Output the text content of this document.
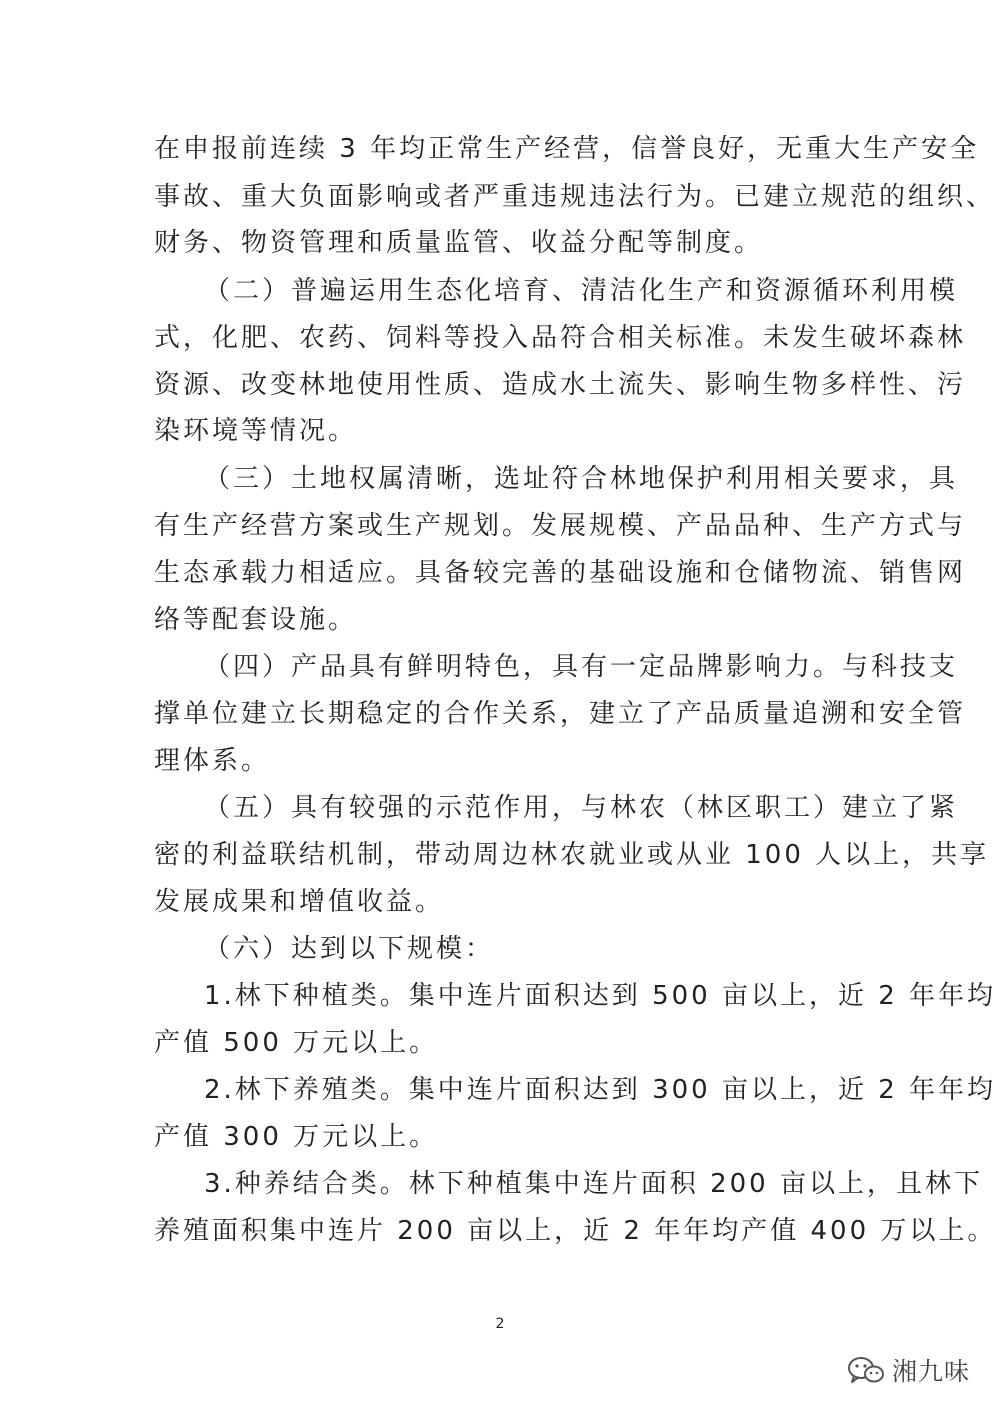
在申报前连续 3 年均正常生产经营，信誉良好，无重大生产安全
事故、重大负面影响或者严重违规违法行为。已建立规范的组织、
财务、物资管理和质量监管、收益分配等制度。
（二）普遍运用生态化培育、清洁化生产和资源循环利用模
式，化肥、农药、饲料等投入品符合相关标准。未发生破坏森林
资源、改变林地使用性质、造成水土流失、影响生物多样性、污
染环境等情况。
（三）土地权属清晰，选址符合林地保护利用相关要求，具
有生产经营方案或生产规划。发展规模、产品品种、生产方式与
生态承载力相适应。具备较完善的基础设施和仓储物流、销售网
络等配套设施。
（四）产品具有鲜明特色，具有一定品牌影响力。与科技支
撑单位建立长期稳定的合作关系，建立了产品质量追溯和安全管
理体系。
（五）具有较强的示范作用，与林农（林区职工）建立了紧
密的利益联结机制，带动周边林农就业或从业 100 人以上，共享
发展成果和增值收益。
（六）达到以下规模：
1.林下种植类。集中连片面积达到 500 亩以上，近 2 年年均
产值 500 万元以上。
2.林下养殖类。集中连片面积达到 300 亩以上，近 2 年年均
产值 300 万元以上。
3.种养结合类。林下种植集中连片面积 200 亩以上，且林下
养殖面积集中连片 200 亩以上，近 2 年年均产值 400 万以上。
2
湘九味
